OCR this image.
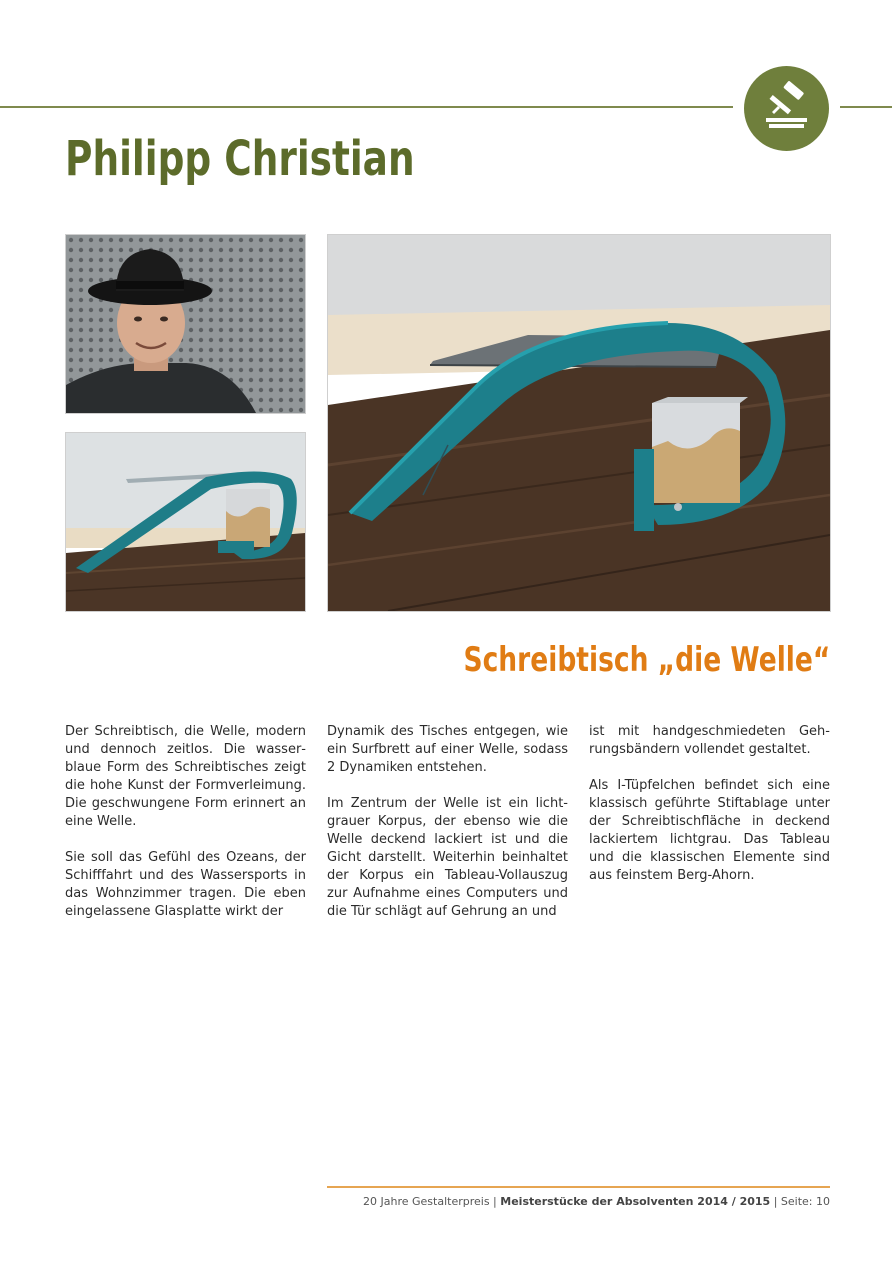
Philipp Christian
Schreibtisch „die Welle“

Der Schreibtisch, die Welle, modern und dennoch zeitlos. Die wasserblaue Form des Schreibtisches zeigt die hohe Kunst der Formverleimung. Die geschwungene Form erinnert an eine Welle.

Sie soll das Gefühl des Ozeans, der Schifffahrt und des Wassersports in das Wohnzimmer tragen. Die eben eingelassene Glasplatte wirkt der

Dynamik des Tisches entgegen, wie ein Surfbrett auf einer Welle, sodass 2 Dynamiken entstehen.

Im Zentrum der Welle ist ein lichtgrauer Korpus, der ebenso wie die Welle deckend lackiert ist und die Gicht darstellt. Weiterhin beinhaltet der Korpus ein Tableau-Vollauszug zur Aufnahme eines Computers und die Tür schlägt auf Gehrung an und

ist mit handgeschmiedeten Gehrungsbändern vollendet gestaltet.

Als I-Tüpfelchen befindet sich eine klassisch geführte Stiftablage unter der Schreibtischfläche in deckend lackiertem lichtgrau. Das Tableau und die klassischen Elemente sind aus feinstem Berg-Ahorn.

20 Jahre Gestalterpreis | Meisterstücke der Absolventen 2014 / 2015 | Seite: 10
